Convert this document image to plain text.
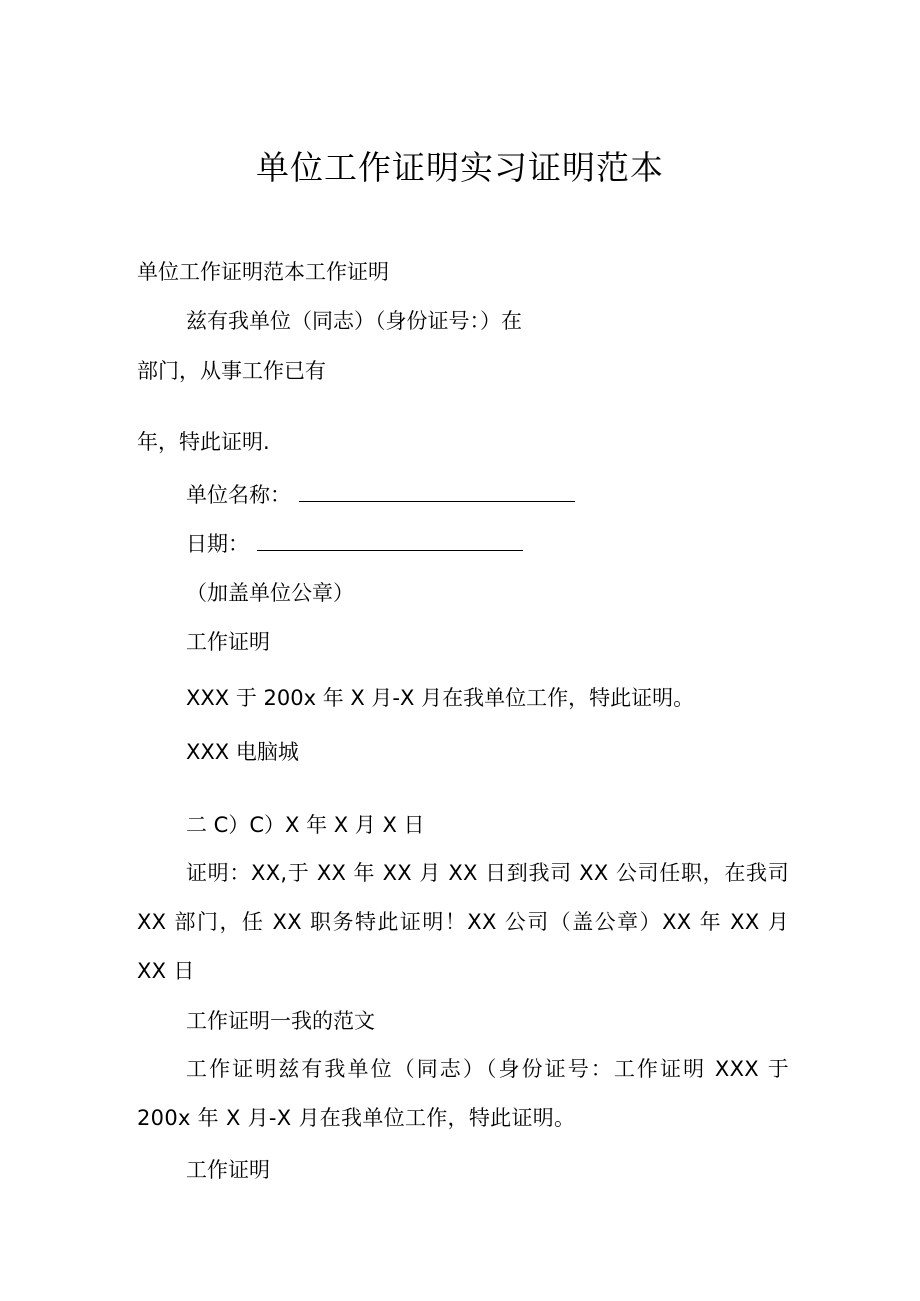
单位工作证明实习证明范本
单位工作证明范本工作证明
兹有我单位（同志）（身份证号：）在
部门，从事工作已有
年，特此证明.
单位名称：
日期：
（加盖单位公章）
工作证明
XXX 于 200x 年 X 月-X 月在我单位工作，特此证明。
XXX 电脑城
二 C）C）X 年 X 月 X 日
证明：XX,于 XX 年 XX 月 XX 日到我司 XX 公司任职，在我司 XX 部门，任 XX 职务特此证明！XX 公司（盖公章）XX 年 XX 月 XX 日
工作证明一我的范文
工作证明兹有我单位（同志）（身份证号：工作证明 XXX 于 200x 年 X 月-X 月在我单位工作，特此证明。
工作证明
